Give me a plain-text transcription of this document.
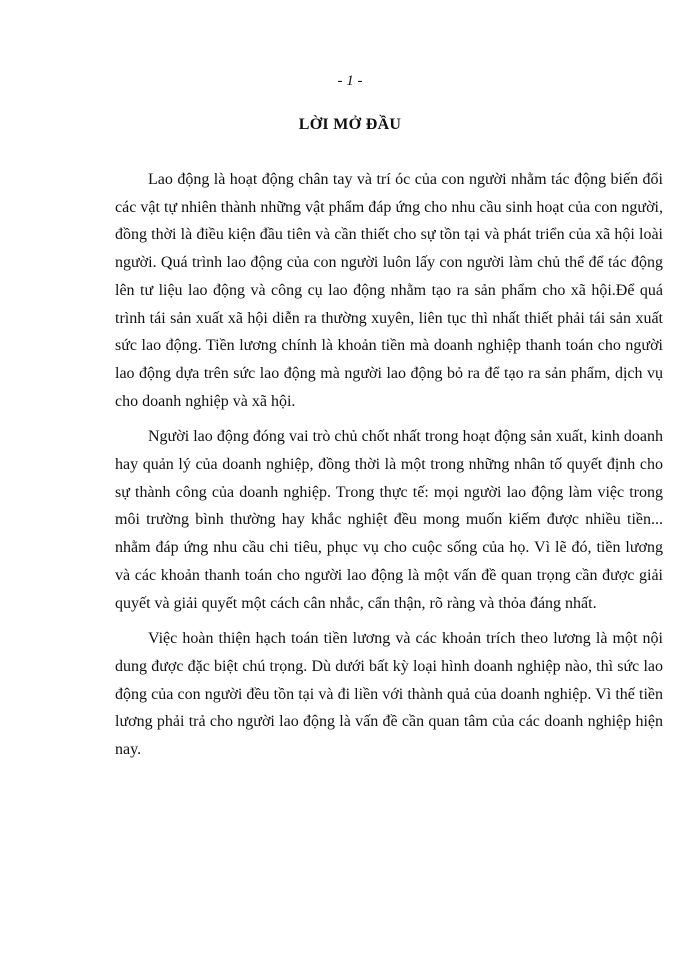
- 1 -

LỜI MỞ ĐẦU

Lao động là hoạt động chân tay và trí óc của con người nhằm tác động biến đổi các vật tự nhiên thành những vật phẩm đáp ứng cho nhu cầu sinh hoạt của con người, đồng thời là điều kiện đầu tiên và cần thiết cho sự tồn tại và phát triển của xã hội loài người. Quá trình lao động của con người luôn lấy con người làm chủ thể để tác động lên tư liệu lao động và công cụ lao động nhằm tạo ra sản phẩm cho xã hội.Để quá trình tái sản xuất xã hội diễn ra thường xuyên, liên tục thì nhất thiết phải tái sản xuất sức lao động. Tiền lương chính là khoản tiền mà doanh nghiệp thanh toán cho người lao động dựa trên sức lao động mà người lao động bỏ ra để tạo ra sản phẩm, dịch vụ cho doanh nghiệp và xã hội.

Người lao động đóng vai trò chủ chốt nhất trong hoạt động sản xuất, kinh doanh hay quản lý của doanh nghiệp, đồng thời là một trong những nhân tố quyết định cho sự thành công của doanh nghiệp. Trong thực tế: mọi người lao động làm việc trong môi trường bình thường hay khắc nghiệt đều mong muốn kiếm được nhiều tiền... nhằm đáp ứng nhu cầu chi tiêu, phục vụ cho cuộc sống của họ. Vì lẽ đó, tiền lương và các khoản thanh toán cho người lao động là một vấn đề quan trọng cần được giải quyết và giải quyết một cách cân nhắc, cẩn thận, rõ ràng và thỏa đáng nhất.

Việc hoàn thiện hạch toán tiền lương và các khoản trích theo lương là một nội dung được đặc biệt chú trọng. Dù dưới bất kỳ loại hình doanh nghiệp nào, thì sức lao động của con người đều tồn tại và đi liền với thành quả của doanh nghiệp. Vì thế tiền lương phải trả cho người lao động là vấn đề cần quan tâm của các doanh nghiệp hiện nay.
